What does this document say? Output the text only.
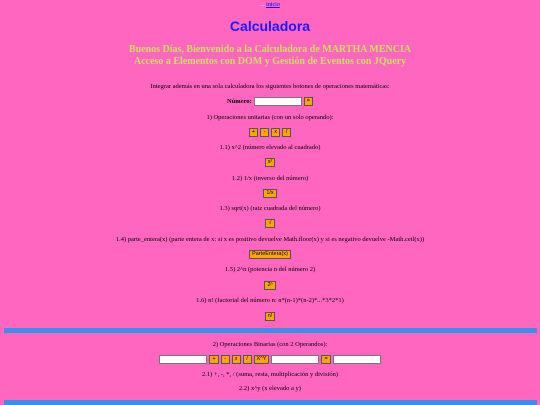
... inicio
Calculadora
Buenos Días, Bienvenido a la Calculadora de MARTHA MENCIA
Acceso a Elementos con DOM y Gestión de Eventos con JQuery
Integrar además en una sola calculadora los siguientes botones de operaciones matemáticas:
Número:	=
1) Operaciones unitarias (con un solo operando):
+	-	x	/
1.1) x^2 (número elevado al cuadrado)
x²
1.2) 1/x (inverso del número)
1/x
1.3) sqrt(x) (raiz cuadrada del número)
√
1.4) parte_entera(x) (parte entera de x: si x es positivo devuelve Math.floor(x) y si es negativo devuelve -Math.ceil(x))
ParteEntera(x)
1.5) 2^n (potencia n del número 2)
2ⁿ
1.6) n! (factorial del número n: n*(n-1)*(n-2)*...*3*2*1)
n!
2) Operaciones Binarias (con 2 Operandos):
+	-	x	/	X^Y	=
2.1) +, -, *, / (suma, resta, multiplicación y división)
2.2) x^y (x elevado a y)
